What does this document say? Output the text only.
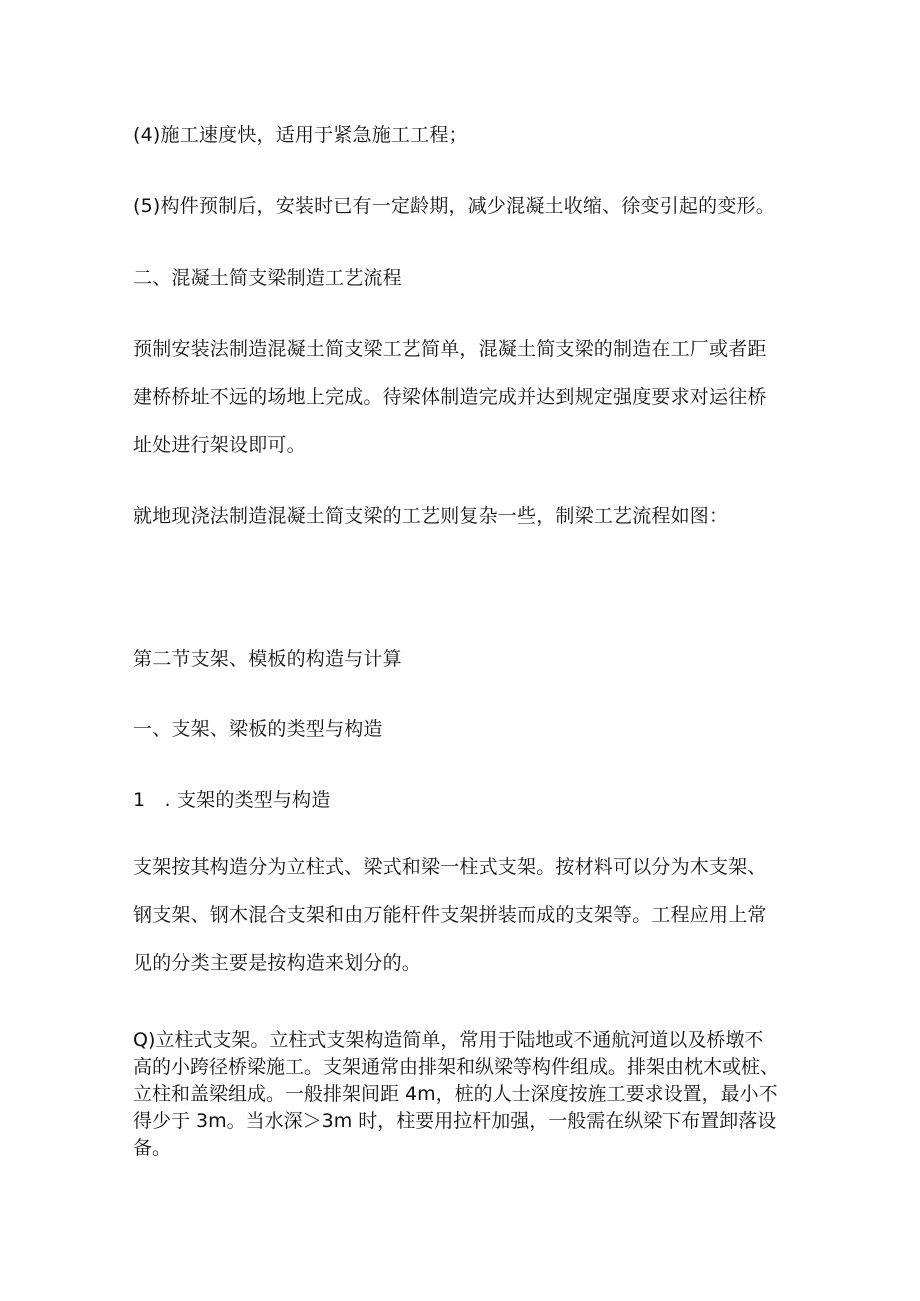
(4)施工速度快，适用于紧急施工工程；
(5)构件预制后，安装时已有一定龄期，减少混凝土收缩、徐变引起的变形。
二、混凝土简支梁制造工艺流程
预制安装法制造混凝土简支梁工艺简单，混凝土简支梁的制造在工厂或者距
建桥桥址不远的场地上完成。待梁体制造完成并达到规定强度要求对运往桥
址处进行架设即可。
就地现浇法制造混凝土简支梁的工艺则复杂一些，制梁工艺流程如图：
第二节支架、模板的构造与计算
一、支架、梁板的类型与构造
1　. 支架的类型与构造
支架按其构造分为立柱式、梁式和梁一柱式支架。按材料可以分为木支架、
钢支架、钢木混合支架和由万能杆件支架拼装而成的支架等。工程应用上常
见的分类主要是按构造来划分的。
Q)立柱式支架。立柱式支架构造简单，常用于陆地或不通航河道以及桥墩不
高的小跨径桥梁施工。支架通常由排架和纵梁等构件组成。排架由枕木或桩、
立柱和盖梁组成。一般排架间距 4m，桩的人士深度按旌工要求设置，最小不
得少于 3m。当水深＞3m 时，柱要用拉杆加强，一般需在纵梁下布置卸落设
备。
